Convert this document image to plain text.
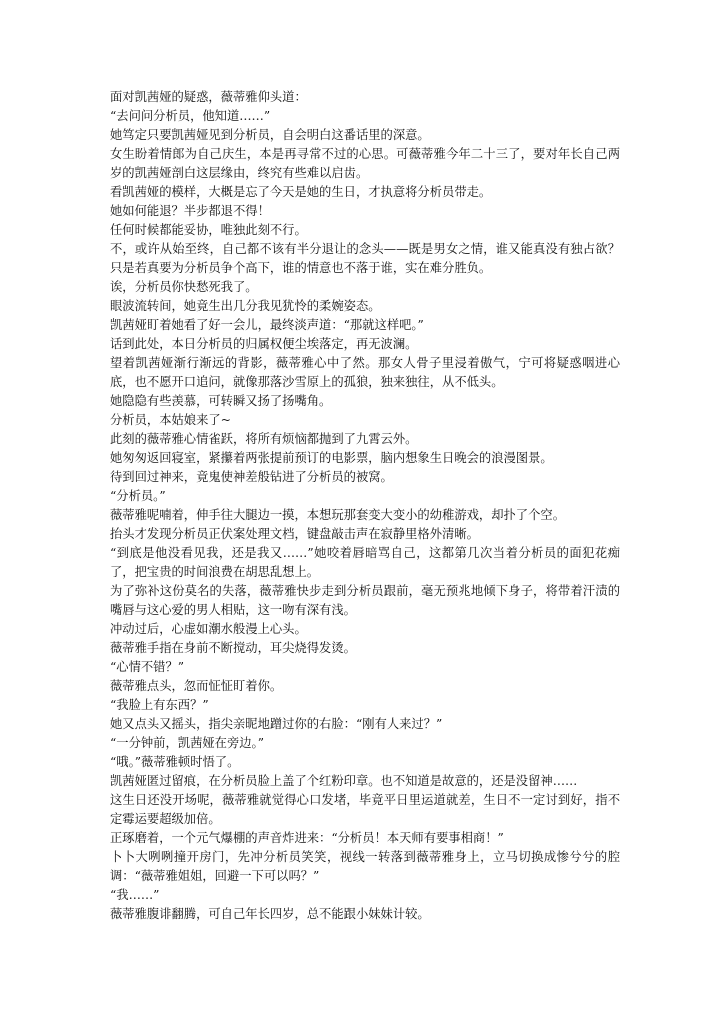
面对凯茜娅的疑惑，薇蒂雅仰头道：

“去问问分析员，他知道……”

她笃定只要凯茜娅见到分析员，自会明白这番话里的深意。

女生盼着情郎为自己庆生，本是再寻常不过的心思。可薇蒂雅今年二十三了，要对年长自己两岁的凯茜娅剖白这层缘由，终究有些难以启齿。

看凯茜娅的模样，大概是忘了今天是她的生日，才执意将分析员带走。

她如何能退？半步都退不得！

任何时候都能妥协，唯独此刻不行。

不，或许从始至终，自己都不该有半分退让的念头——既是男女之情，谁又能真没有独占欲？只是若真要为分析员争个高下，谁的情意也不落于谁，实在难分胜负。

诶，分析员你快愁死我了。

眼波流转间，她竟生出几分我见犹怜的柔婉姿态。

凯茜娅盯着她看了好一会儿，最终淡声道：“那就这样吧。”

话到此处，本日分析员的归属权便尘埃落定，再无波澜。

望着凯茜娅渐行渐远的背影，薇蒂雅心中了然。那女人骨子里浸着傲气，宁可将疑惑咽进心底，也不愿开口追问，就像那落沙雪原上的孤狼，独来独往，从不低头。

她隐隐有些羡慕，可转瞬又扬了扬嘴角。

分析员，本姑娘来了~

此刻的薇蒂雅心情雀跃，将所有烦恼都抛到了九霄云外。

她匆匆返回寝室，紧攥着两张提前预订的电影票，脑内想象生日晚会的浪漫图景。

待到回过神来，竟鬼使神差般钻进了分析员的被窝。

“分析员。”

薇蒂雅呢喃着，伸手往大腿边一摸，本想玩那套变大变小的幼稚游戏，却扑了个空。

抬头才发现分析员正伏案处理文档，键盘敲击声在寂静里格外清晰。

“到底是他没看见我，还是我又……”她咬着唇暗骂自己，这都第几次当着分析员的面犯花痴了，把宝贵的时间浪费在胡思乱想上。

为了弥补这份莫名的失落，薇蒂雅快步走到分析员跟前，毫无预兆地倾下身子，将带着汗渍的嘴唇与这心爱的男人相贴，这一吻有深有浅。

冲动过后，心虚如潮水般漫上心头。

薇蒂雅手指在身前不断搅动，耳尖烧得发烫。

“心情不错？”

薇蒂雅点头，忽而怔怔盯着你。

“我脸上有东西？”

她又点头又摇头，指尖亲昵地蹭过你的右脸：“刚有人来过？”

“一分钟前，凯茜娅在旁边。”

“哦。”薇蒂雅顿时悟了。

凯茜娅匿过留痕，在分析员脸上盖了个红粉印章。也不知道是故意的，还是没留神……

这生日还没开场呢，薇蒂雅就觉得心口发堵，毕竟平日里运道就差，生日不一定讨到好，指不定霉运要超级加倍。

正琢磨着，一个元气爆棚的声音炸进来：“分析员！本天师有要事相商！”

卜卜大咧咧撞开房门，先冲分析员笑笑，视线一转落到薇蒂雅身上，立马切换成惨兮兮的腔调：“薇蒂雅姐姐，回避一下可以吗？”

“我……”

薇蒂雅腹诽翻腾，可自己年长四岁，总不能跟小妹妹计较。
